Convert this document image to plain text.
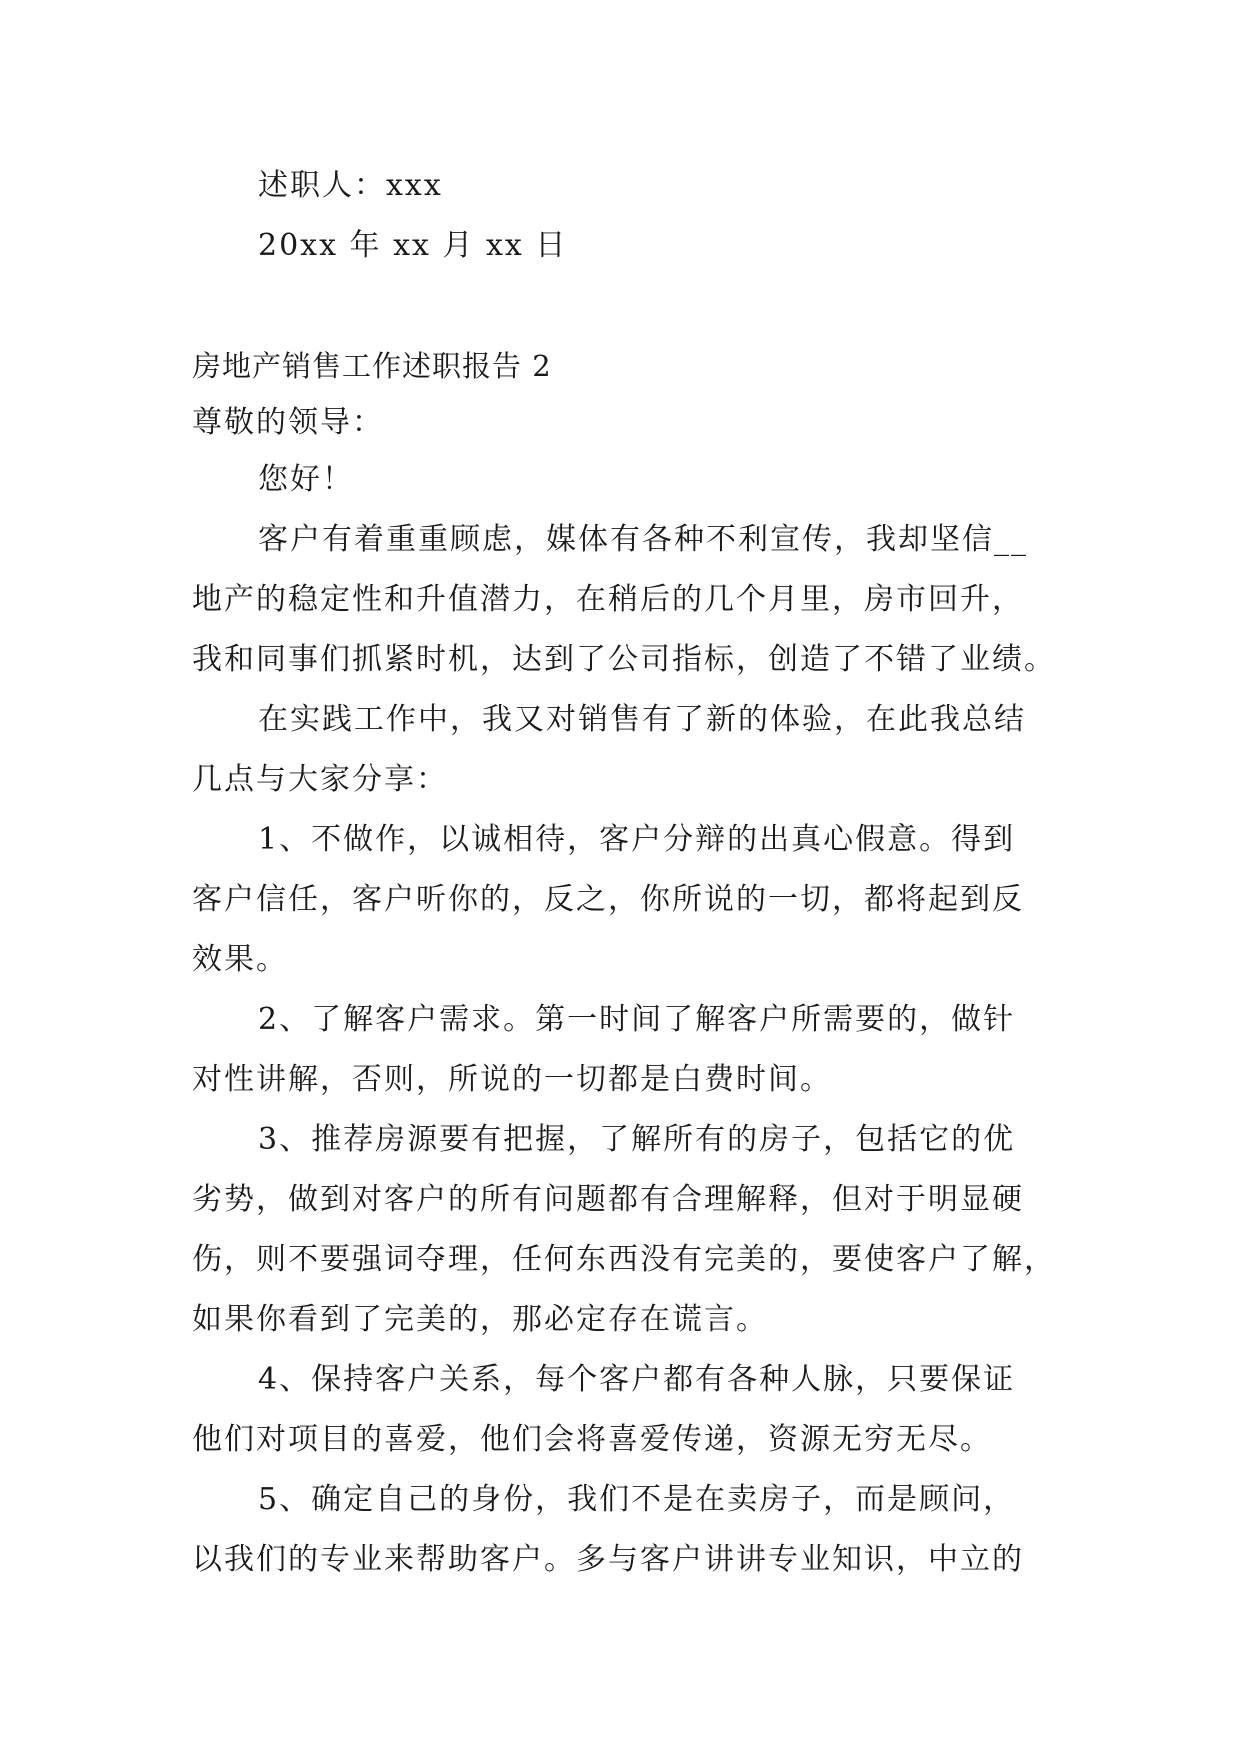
述职人：xxx
20xx 年 xx 月 xx 日
房地产销售工作述职报告 2
尊敬的领导：
您好！
客户有着重重顾虑，媒体有各种不利宣传，我却坚信__
地产的稳定性和升值潜力，在稍后的几个月里，房市回升，
我和同事们抓紧时机，达到了公司指标，创造了不错了业绩。
在实践工作中，我又对销售有了新的体验，在此我总结
几点与大家分享：
1、不做作，以诚相待，客户分辩的出真心假意。得到
客户信任，客户听你的，反之，你所说的一切，都将起到反
效果。
2、了解客户需求。第一时间了解客户所需要的，做针
对性讲解，否则，所说的一切都是白费时间。
3、推荐房源要有把握，了解所有的房子，包括它的优
劣势，做到对客户的所有问题都有合理解释，但对于明显硬
伤，则不要强词夺理，任何东西没有完美的，要使客户了解，
如果你看到了完美的，那必定存在谎言。
4、保持客户关系，每个客户都有各种人脉，只要保证
他们对项目的喜爱，他们会将喜爱传递，资源无穷无尽。
5、确定自己的身份，我们不是在卖房子，而是顾问，
以我们的专业来帮助客户。多与客户讲讲专业知识，中立的
